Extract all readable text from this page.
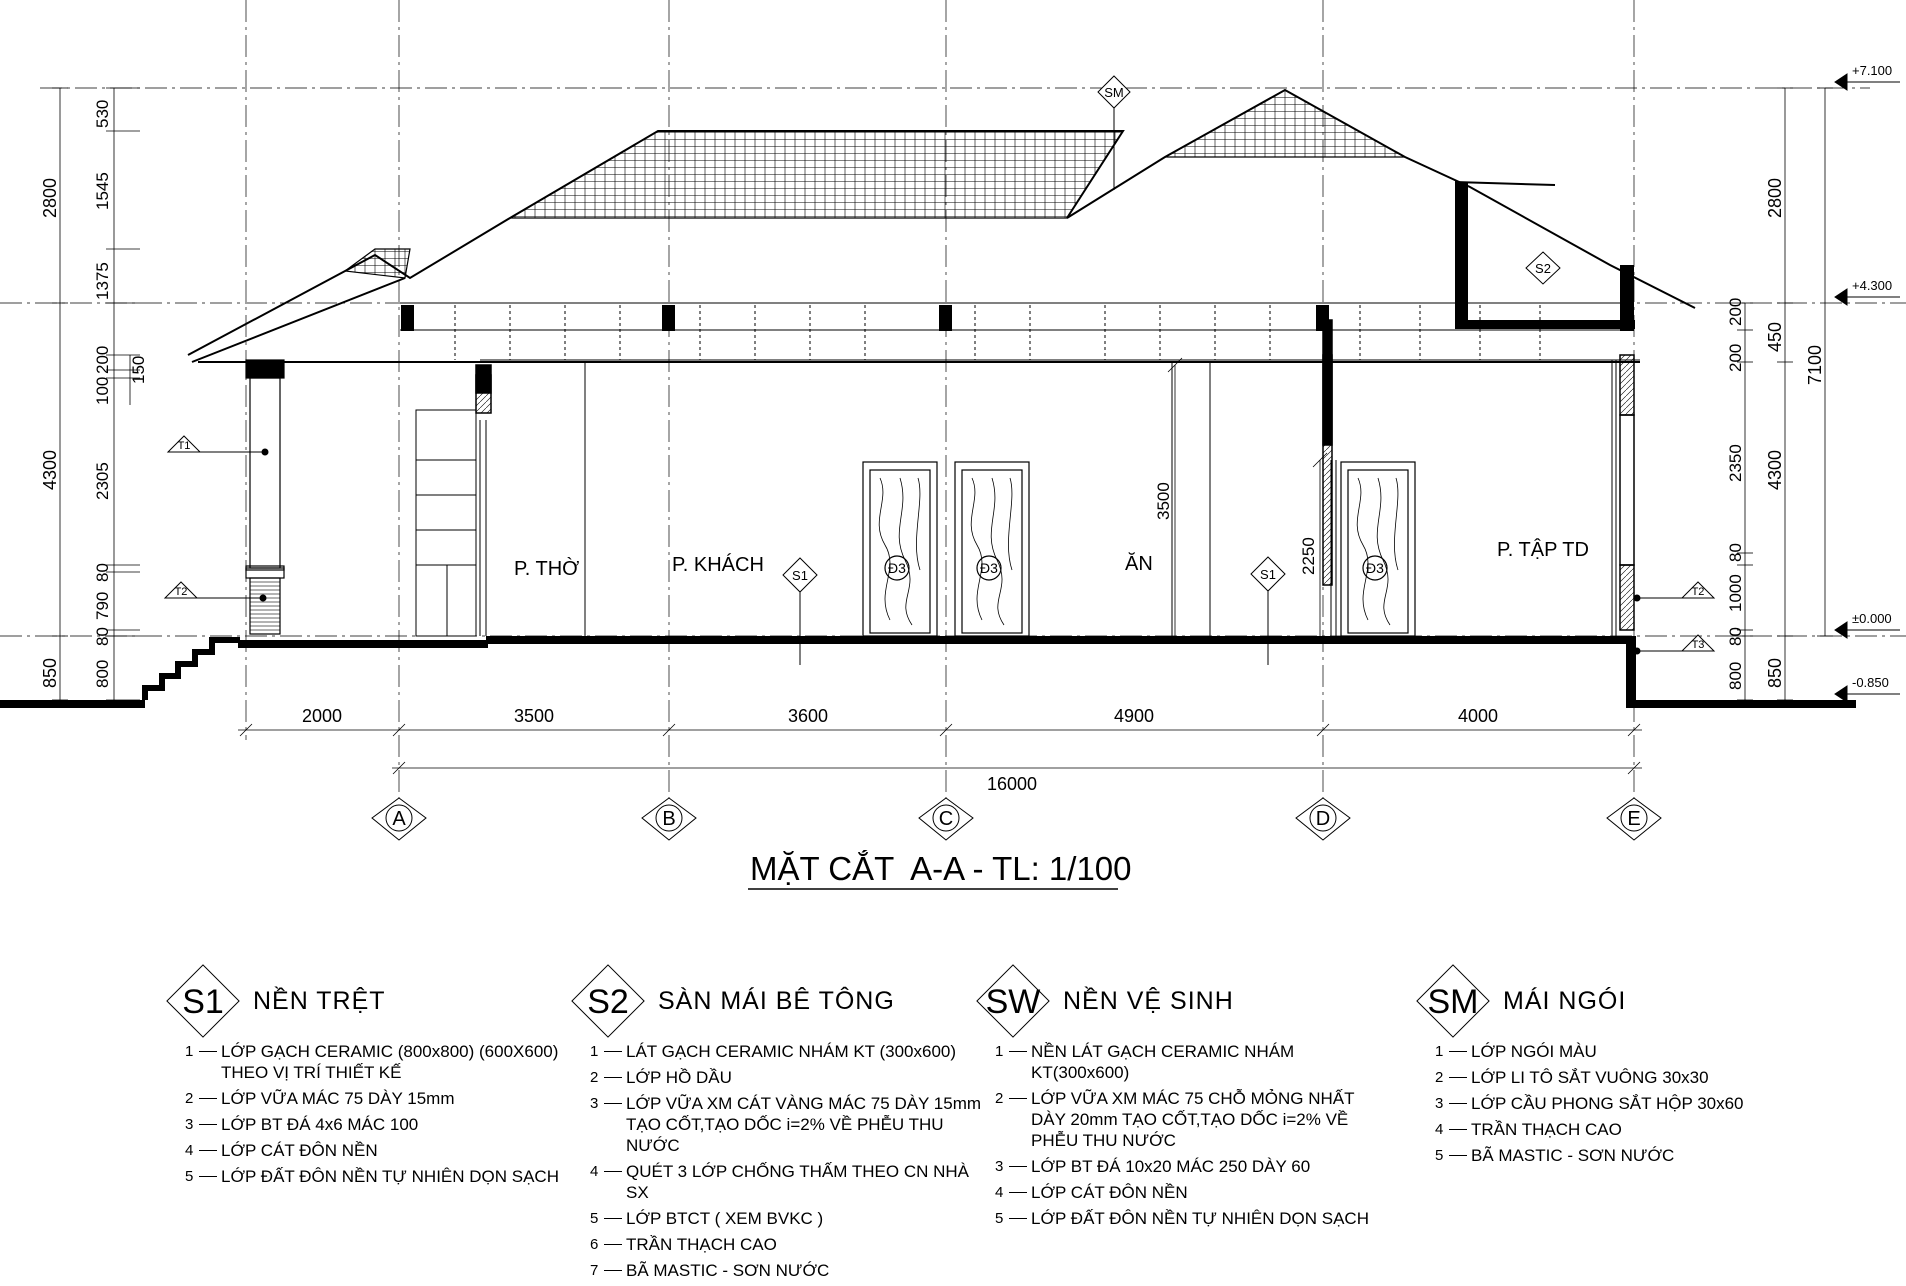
Đ3	Đ3	Đ3
P. THỜ	P. KHÁCH	ĂN
P. TẬP TD
SM
S2
S1	S1
T1
T2	T2
T3
3500
2250
2800
4300
850
530
1545
1375
200
100
150
2305
80
790
80
800
200
200
2350
80
1000
80
800
2800
450
4300
850
7100
+7.100
+4.300
±0.000
-0.850
2000	3500	3600	4900	4000
16000
A	B	C	D	E
MẶT CẮT  A-A - TL: 1/100
S1	NỀN TRỆT
1 LỚP GẠCH CERAMIC (800x800) (600X600) THEO VỊ TRÍ THIẾT KẾ
2 LỚP VỮA MÁC 75 DÀY 15mm
3 LỚP BT ĐÁ 4x6 MÁC 100
4 LỚP CÁT ĐÔN NỀN
5 LỚP ĐẤT ĐÔN NỀN TỰ NHIÊN DỌN SẠCH
S2	SÀN MÁI BÊ TÔNG
1 LÁT GẠCH CERAMIC NHÁM KT (300x600)
2 LỚP HỒ DẦU
3 LỚP VỮA XM CÁT VÀNG MÁC 75 DÀY 15mm TẠO CỐT,TẠO DỐC i=2% VỀ PHỄU THU NƯỚC
4 QUÉT 3 LỚP CHỐNG THẤM THEO CN NHÀ SX
5 LỚP BTCT ( XEM BVKC )
6 TRẦN THẠCH CAO
7 BÃ MASTIC - SƠN NƯỚC
SW NỀN VỆ SINH
1 NỀN LÁT GẠCH CERAMIC NHÁM KT(300x600)
2 LỚP VỮA XM MÁC 75 CHỖ MỎNG NHẤT DÀY 20mm TẠO CỐT,TẠO DỐC i=2% VỀ PHỄU THU NƯỚC
3 LỚP BT ĐÁ 10x20 MÁC 250 DÀY 60
4 LỚP CÁT ĐÔN NỀN
5 LỚP ĐẤT ĐÔN NỀN TỰ NHIÊN DỌN SẠCH
SM MÁI NGÓI
1 LỚP NGÓI MÀU
2 LỚP LI TÔ SẮT VUÔNG 30x30
3 LỚP CẦU PHONG SẮT HỘP 30x60
4 TRẦN THẠCH CAO
5 BÃ MASTIC - SƠN NƯỚC
